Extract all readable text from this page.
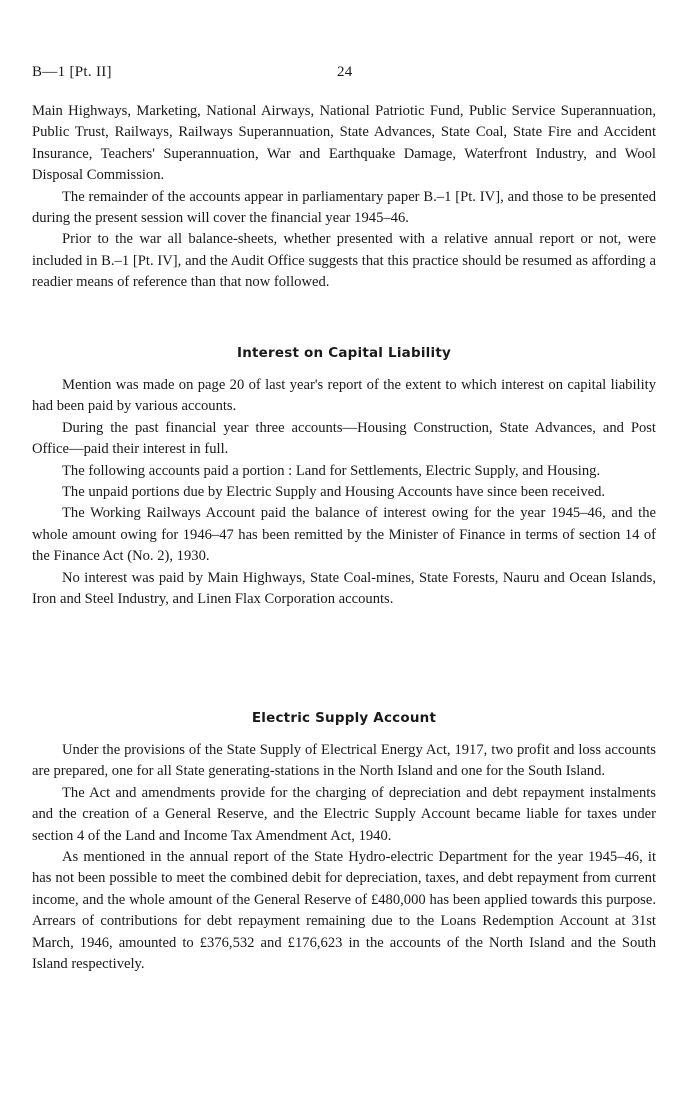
B—1 [Pt. II]	24

Main Highways, Marketing, National Airways, National Patriotic Fund, Public Service Superannuation, Public Trust, Railways, Railways Superannuation, State Advances, State Coal, State Fire and Accident Insurance, Teachers' Superannuation, War and Earthquake Damage, Waterfront Industry, and Wool Disposal Commission.

The remainder of the accounts appear in parliamentary paper B.–1 [Pt. IV], and those to be presented during the present session will cover the financial year 1945–46.

Prior to the war all balance-sheets, whether presented with a relative annual report or not, were included in B.–1 [Pt. IV], and the Audit Office suggests that this practice should be resumed as affording a readier means of reference than that now followed.

Interest on Capital Liability

Mention was made on page 20 of last year's report of the extent to which interest on capital liability had been paid by various accounts.

During the past financial year three accounts—Housing Construction, State Advances, and Post Office—paid their interest in full.

The following accounts paid a portion : Land for Settlements, Electric Supply, and Housing.

The unpaid portions due by Electric Supply and Housing Accounts have since been received.

The Working Railways Account paid the balance of interest owing for the year 1945–46, and the whole amount owing for 1946–47 has been remitted by the Minister of Finance in terms of section 14 of the Finance Act (No. 2), 1930.

No interest was paid by Main Highways, State Coal-mines, State Forests, Nauru and Ocean Islands, Iron and Steel Industry, and Linen Flax Corporation accounts.

Electric Supply Account

Under the provisions of the State Supply of Electrical Energy Act, 1917, two profit and loss accounts are prepared, one for all State generating-stations in the North Island and one for the South Island.

The Act and amendments provide for the charging of depreciation and debt repayment instalments and the creation of a General Reserve, and the Electric Supply Account became liable for taxes under section 4 of the Land and Income Tax Amendment Act, 1940.

As mentioned in the annual report of the State Hydro-electric Department for the year 1945–46, it has not been possible to meet the combined debit for depreciation, taxes, and debt repayment from current income, and the whole amount of the General Reserve of £480,000 has been applied towards this purpose. Arrears of contributions for debt repayment remaining due to the Loans Redemption Account at 31st March, 1946, amounted to £376,532 and £176,623 in the accounts of the North Island and the South Island respectively.
